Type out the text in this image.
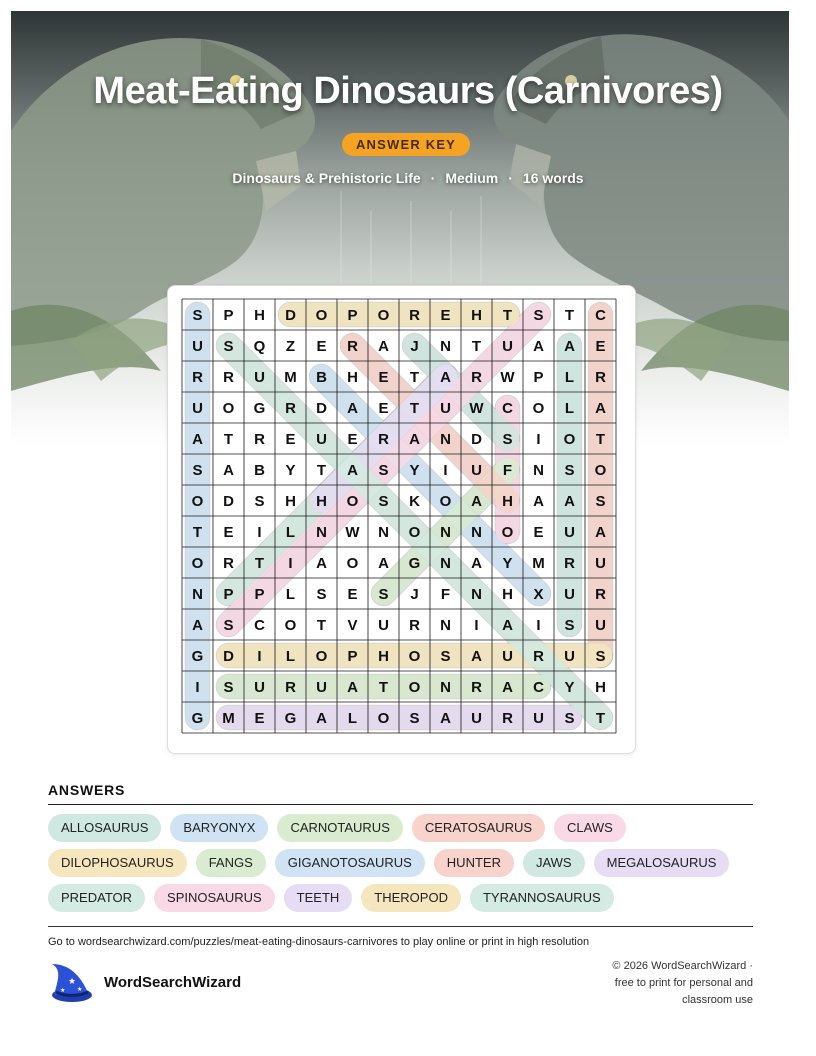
Meat-Eating Dinosaurs (Carnivores)
ANSWER KEY
Dinosaurs & Prehistoric Life · Medium · 16 words
S P H D O P O R E H T S T C
U S Q Z E R A J N T U A A E
R R U M B H E T A R W P L R
U O G R D A E T U W C O L A
A T R E U E R A N D S I O T
S A B Y T A S Y I U F N S O
O D S H H O S K O A H A A S
T E I L N W N O N N O E U A
O R T I A O A G N A Y M R U
N P P L S E S J F N H X U R
A S C O T V U R N I A I S U
G D I L O P H O S A U R U S
I S U R U A T O N R A C Y H
G M E G A L O S A U R U S T
ANSWERS
ALLOSAURUS	BARYONYX	CARNOTAURUS	CERATOSAURUS	CLAWS
DILOPHOSAURUS	FANGS	GIGANOTOSAURUS	HUNTER	JAWS	MEGALOSAURUS
PREDATOR	SPINOSAURUS	TEETH	THEROPOD	TYRANNOSAURUS
Go to wordsearchwizard.com/puzzles/meat-eating-dinosaurs-carnivores to play online or print in high resolution
★
★ ★ WordSearchWizard
© 2026 WordSearchWizard ·
free to print for personal and
classroom use
